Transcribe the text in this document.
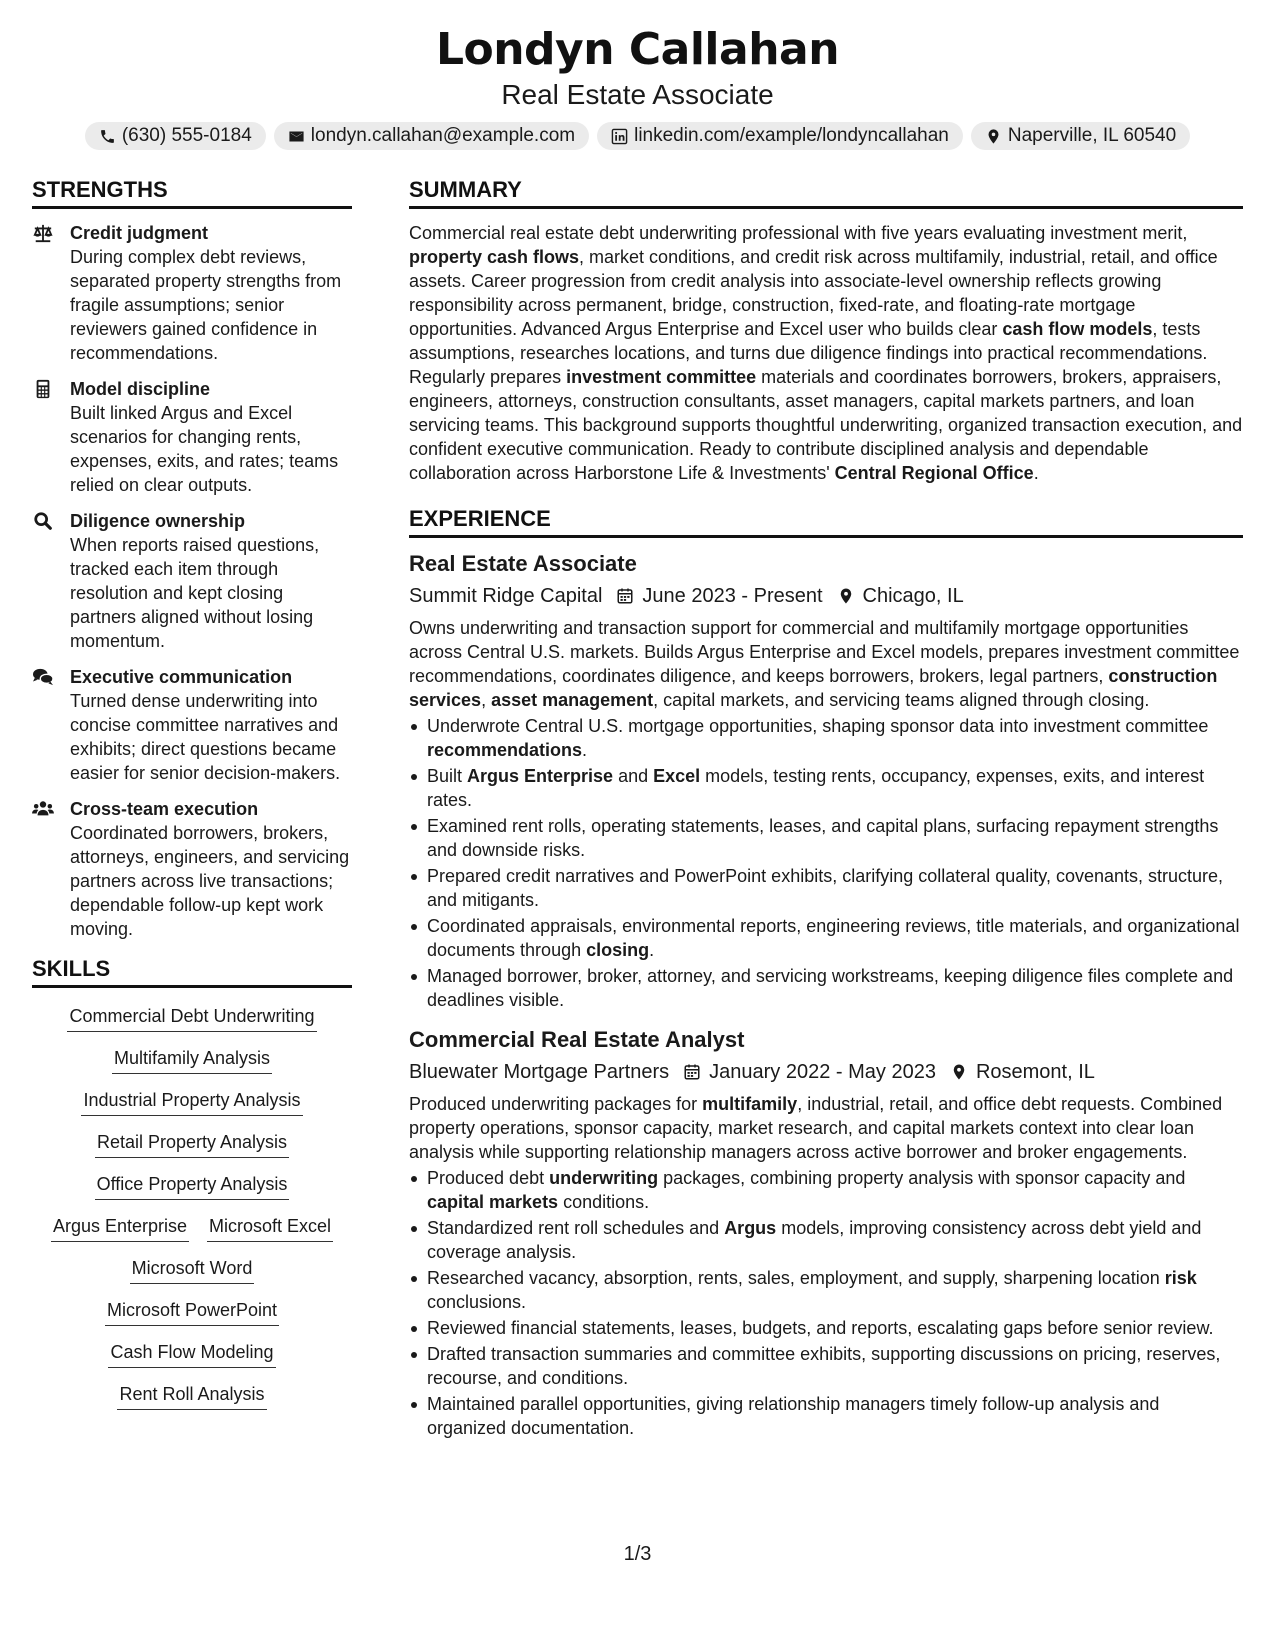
Londyn Callahan
Real Estate Associate
(630) 555-0184	londyn.callahan@example.com	linkedin.com/example/londyncallahan	Naperville, IL 60540
STRENGTHS
Credit judgment
During complex debt reviews, separated property strengths from fragile assumptions; senior reviewers gained confidence in recommendations.
Model discipline
Built linked Argus and Excel scenarios for changing rents, expenses, exits, and rates; teams relied on clear outputs.
Diligence ownership
When reports raised questions, tracked each item through resolution and kept closing partners aligned without losing momentum.
Executive communication
Turned dense underwriting into concise committee narratives and exhibits; direct questions became easier for senior decision-makers.
Cross-team execution
Coordinated borrowers, brokers, attorneys, engineers, and servicing partners across live transactions; dependable follow-up kept work moving.
SKILLS
Commercial Debt Underwriting
Multifamily Analysis
Industrial Property Analysis
Retail Property Analysis
Office Property Analysis
Argus Enterprise Microsoft Excel
Microsoft Word
Microsoft PowerPoint
Cash Flow Modeling
Rent Roll Analysis
SUMMARY
Commercial real estate debt underwriting professional with five years evaluating investment merit, property cash flows, market conditions, and credit risk across multifamily, industrial, retail, and office assets. Career progression from credit analysis into associate-level ownership reflects growing responsibility across permanent, bridge, construction, fixed-rate, and floating-rate mortgage opportunities. Advanced Argus Enterprise and Excel user who builds clear cash flow models, tests assumptions, researches locations, and turns due diligence findings into practical recommendations. Regularly prepares investment committee materials and coordinates borrowers, brokers, appraisers, engineers, attorneys, construction consultants, asset managers, capital markets partners, and loan servicing teams. This background supports thoughtful underwriting, organized transaction execution, and confident executive communication. Ready to contribute disciplined analysis and dependable collaboration across Harborstone Life & Investments' Central Regional Office.
EXPERIENCE
Real Estate Associate
Summit Ridge Capital June 2023 - Present Chicago, IL
Owns underwriting and transaction support for commercial and multifamily mortgage opportunities across Central U.S. markets. Builds Argus Enterprise and Excel models, prepares investment committee recommendations, coordinates diligence, and keeps borrowers, brokers, legal partners, construction services, asset management, capital markets, and servicing teams aligned through closing.
Underwrote Central U.S. mortgage opportunities, shaping sponsor data into investment committee recommendations.
Built Argus Enterprise and Excel models, testing rents, occupancy, expenses, exits, and interest rates.
Examined rent rolls, operating statements, leases, and capital plans, surfacing repayment strengths and downside risks.
Prepared credit narratives and PowerPoint exhibits, clarifying collateral quality, covenants, structure, and mitigants.
Coordinated appraisals, environmental reports, engineering reviews, title materials, and organizational documents through closing.
Managed borrower, broker, attorney, and servicing workstreams, keeping diligence files complete and deadlines visible.
Commercial Real Estate Analyst
Bluewater Mortgage Partners January 2022 - May 2023 Rosemont, IL
Produced underwriting packages for multifamily, industrial, retail, and office debt requests. Combined property operations, sponsor capacity, market research, and capital markets context into clear loan analysis while supporting relationship managers across active borrower and broker engagements.
Produced debt underwriting packages, combining property analysis with sponsor capacity and capital markets conditions.
Standardized rent roll schedules and Argus models, improving consistency across debt yield and coverage analysis.
Researched vacancy, absorption, rents, sales, employment, and supply, sharpening location risk conclusions.
Reviewed financial statements, leases, budgets, and reports, escalating gaps before senior review.
Drafted transaction summaries and committee exhibits, supporting discussions on pricing, reserves, recourse, and conditions.
Maintained parallel opportunities, giving relationship managers timely follow-up analysis and organized documentation.
1/3
